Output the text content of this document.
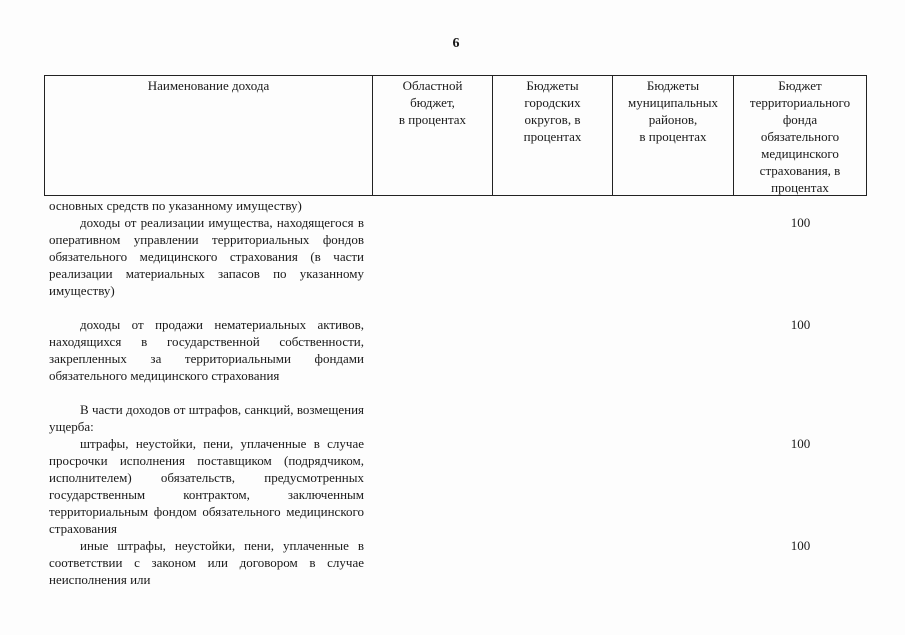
6
Наименование дохода	Областной
бюджет,
в процентах
Бюджеты
городских
округов, в
процентах
Бюджеты
муниципальных
районов,
в процентах
Бюджет
территориального
фонда
обязательного
медицинского
страхования, в
процентах
основных средств по указанному имуществу)
доходы от реализации имущества, находящегося в оперативном управлении территориальных фондов обязательного медицинского страхования (в части реализации материальных запасов по указанному имуществу)
100
доходы от продажи нематериальных активов, находящихся в государственной собственности, закрепленных за территориальными фондами обязательного медицинского страхования
100
В части доходов от штрафов, санкций, возмещения ущерба:
штрафы, неустойки, пени, уплаченные в случае просрочки исполнения поставщиком (подрядчиком, исполнителем) обязательств, предусмотренных государственным контрактом, заключенным территориальным фондом обязательного медицинского страхования
100
иные штрафы, неустойки, пени, уплаченные в соответствии с законом или договором в случае неисполнения или
100
